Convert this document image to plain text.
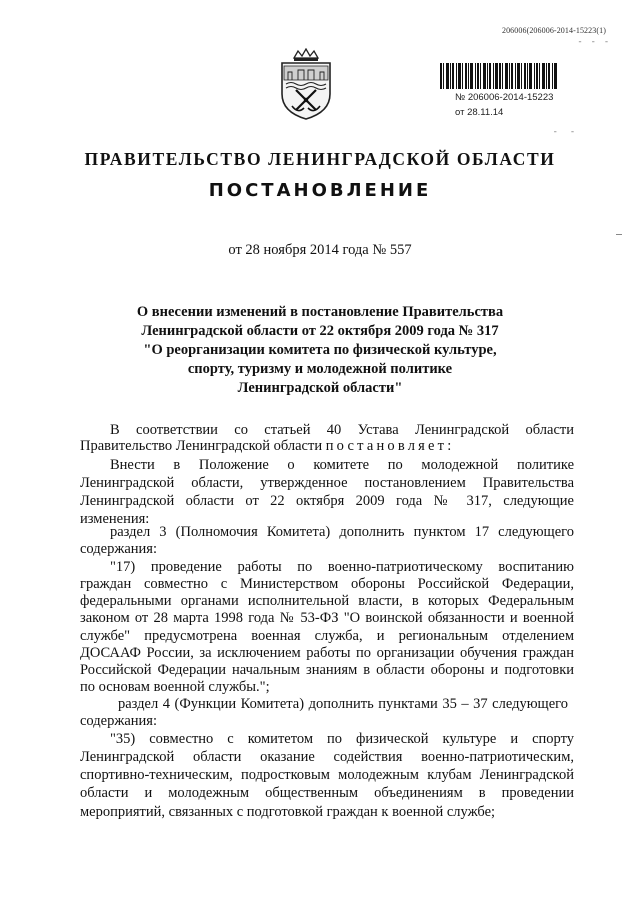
206006(206006-2014-15223(1)
- - -
№ 206006-2014-15223
от 28.11.14
- -
ПРАВИТЕЛЬСТВО ЛЕНИНГРАДСКОЙ ОБЛАСТИ
ПОСТАНОВЛЕНИЕ
от 28 ноября 2014 года № 557
О внесении изменений в постановление Правительства
Ленинградской области от 22 октября 2009 года № 317
"О реорганизации комитета по физической культуре,
спорту, туризму и молодежной политике
Ленинградской области"
В соответствии со статьей 40 Устава Ленинградской области
Правительство Ленинградской области постановляет:
Внести в Положение о комитете по молодежной политике
Ленинградской области, утвержденное постановлением Правительства
Ленинградской области от 22 октября 2009 года № 317, следующие
изменения:
раздел 3 (Полномочия Комитета) дополнить пунктом 17 следующего
содержания:
"17) проведение работы по военно-патриотическому воспитанию
граждан совместно с Министерством обороны Российской Федерации,
федеральными органами исполнительной власти, в которых Федеральным
законом от 28 марта 1998 года № 53-ФЗ "О воинской обязанности и военной
службе" предусмотрена военная служба, и региональным отделением
ДОСААФ России, за исключением работы по организации обучения граждан
Российской Федерации начальным знаниям в области обороны и подготовки
по основам военной службы.";
раздел 4 (Функции Комитета) дополнить пунктами 35 – 37 следующего
содержания:
"35) совместно с комитетом по физической культуре и спорту
Ленинградской области оказание содействия военно-патриотическим,
спортивно-техническим, подростковым молодежным клубам Ленинградской
области и молодежным общественным объединениям в проведении
мероприятий, связанных с подготовкой граждан к военной службе;
